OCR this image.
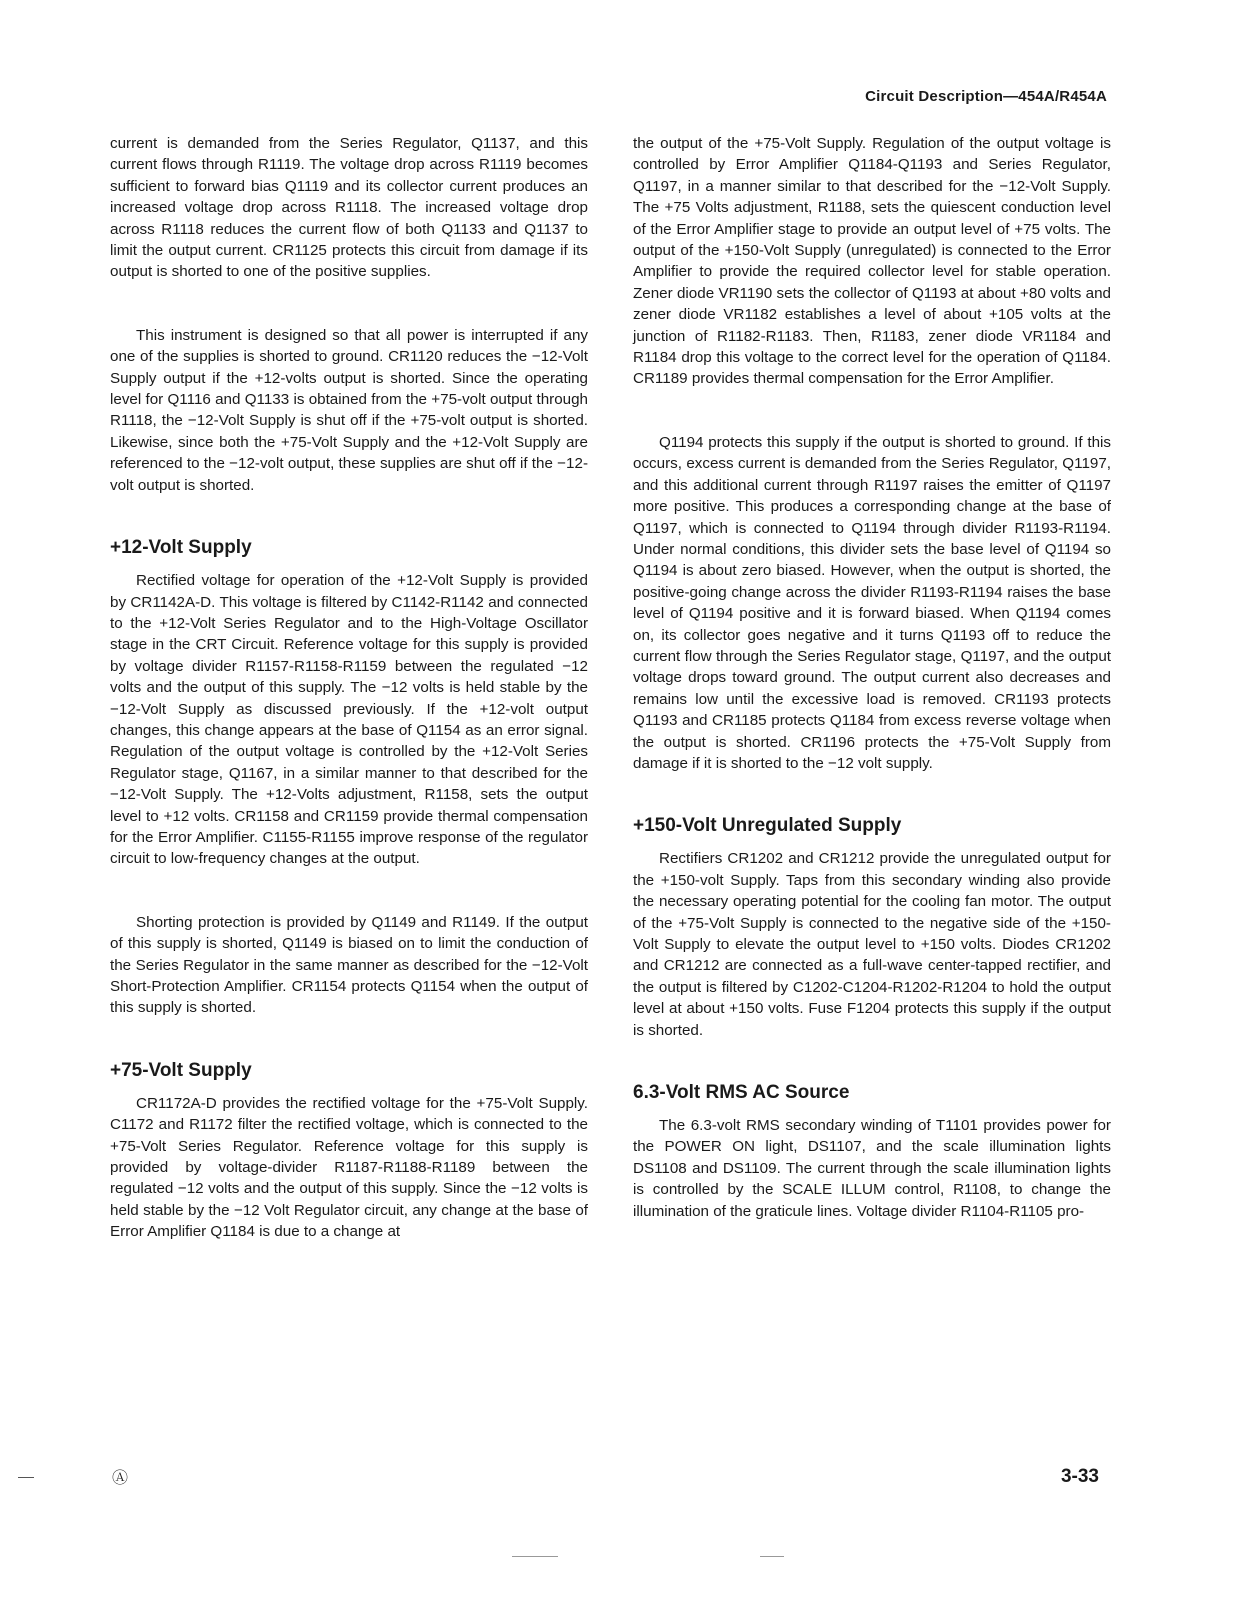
Circuit Description—454A/R454A

current is demanded from the Series Regulator, Q1137, and this current flows through R1119. The voltage drop across R1119 becomes sufficient to forward bias Q1119 and its collector current produces an increased voltage drop across R1118. The increased voltage drop across R1118 reduces the current flow of both Q1133 and Q1137 to limit the output current. CR1125 protects this circuit from damage if its output is shorted to one of the positive supplies.

This instrument is designed so that all power is interrupted if any one of the supplies is shorted to ground. CR1120 reduces the −12-Volt Supply output if the +12-volts output is shorted. Since the operating level for Q1116 and Q1133 is obtained from the +75-volt output through R1118, the −12-Volt Supply is shut off if the +75-volt output is shorted. Likewise, since both the +75-Volt Supply and the +12-Volt Supply are referenced to the −12-volt output, these supplies are shut off if the −12-volt output is shorted.

+12-Volt Supply

Rectified voltage for operation of the +12-Volt Supply is provided by CR1142A-D. This voltage is filtered by C1142-R1142 and connected to the +12-Volt Series Regulator and to the High-Voltage Oscillator stage in the CRT Circuit. Reference voltage for this supply is provided by voltage divider R1157-R1158-R1159 between the regulated −12 volts and the output of this supply. The −12 volts is held stable by the −12-Volt Supply as discussed previously. If the +12-volt output changes, this change appears at the base of Q1154 as an error signal. Regulation of the output voltage is controlled by the +12-Volt Series Regulator stage, Q1167, in a similar manner to that described for the −12-Volt Supply. The +12-Volts adjustment, R1158, sets the output level to +12 volts. CR1158 and CR1159 provide thermal compensation for the Error Amplifier. C1155-R1155 improve response of the regulator circuit to low-frequency changes at the output.

Shorting protection is provided by Q1149 and R1149. If the output of this supply is shorted, Q1149 is biased on to limit the conduction of the Series Regulator in the same manner as described for the −12-Volt Short-Protection Amplifier. CR1154 protects Q1154 when the output of this supply is shorted.

+75-Volt Supply

CR1172A-D provides the rectified voltage for the +75-Volt Supply. C1172 and R1172 filter the rectified voltage, which is connected to the +75-Volt Series Regulator. Reference voltage for this supply is provided by voltage-divider R1187-R1188-R1189 between the regulated −12 volts and the output of this supply. Since the −12 volts is held stable by the −12 Volt Regulator circuit, any change at the base of Error Amplifier Q1184 is due to a change at

the output of the +75-Volt Supply. Regulation of the output voltage is controlled by Error Amplifier Q1184-Q1193 and Series Regulator, Q1197, in a manner similar to that described for the −12-Volt Supply. The +75 Volts adjustment, R1188, sets the quiescent conduction level of the Error Amplifier stage to provide an output level of +75 volts. The output of the +150-Volt Supply (unregulated) is connected to the Error Amplifier to provide the required collector level for stable operation. Zener diode VR1190 sets the collector of Q1193 at about +80 volts and zener diode VR1182 establishes a level of about +105 volts at the junction of R1182-R1183. Then, R1183, zener diode VR1184 and R1184 drop this voltage to the correct level for the operation of Q1184. CR1189 provides thermal compensation for the Error Amplifier.

Q1194 protects this supply if the output is shorted to ground. If this occurs, excess current is demanded from the Series Regulator, Q1197, and this additional current through R1197 raises the emitter of Q1197 more positive. This produces a corresponding change at the base of Q1197, which is connected to Q1194 through divider R1193-R1194. Under normal conditions, this divider sets the base level of Q1194 so Q1194 is about zero biased. However, when the output is shorted, the positive-going change across the divider R1193-R1194 raises the base level of Q1194 positive and it is forward biased. When Q1194 comes on, its collector goes negative and it turns Q1193 off to reduce the current flow through the Series Regulator stage, Q1197, and the output voltage drops toward ground. The output current also decreases and remains low until the excessive load is removed. CR1193 protects Q1193 and CR1185 protects Q1184 from excess reverse voltage when the output is shorted. CR1196 protects the +75-Volt Supply from damage if it is shorted to the −12 volt supply.

+150-Volt Unregulated Supply

Rectifiers CR1202 and CR1212 provide the unregulated output for the +150-volt Supply. Taps from this secondary winding also provide the necessary operating potential for the cooling fan motor. The output of the +75-Volt Supply is connected to the negative side of the +150-Volt Supply to elevate the output level to +150 volts. Diodes CR1202 and CR1212 are connected as a full-wave center-tapped rectifier, and the output is filtered by C1202-C1204-R1202-R1204 to hold the output level at about +150 volts. Fuse F1204 protects this supply if the output is shorted.

6.3-Volt RMS AC Source

The 6.3-volt RMS secondary winding of T1101 provides power for the POWER ON light, DS1107, and the scale illumination lights DS1108 and DS1109. The current through the scale illumination lights is controlled by the SCALE ILLUM control, R1108, to change the illumination of the graticule lines. Voltage divider R1104-R1105 pro-

Ⓐ	3-33
